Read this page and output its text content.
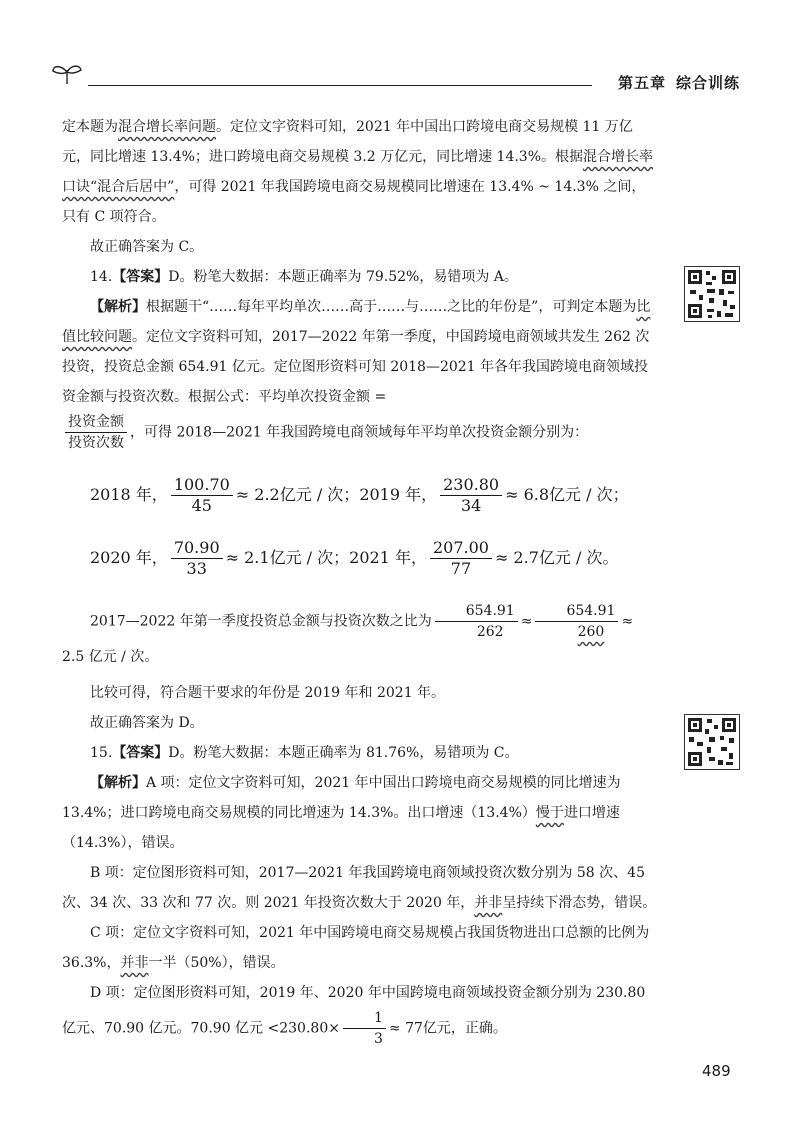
第五章 综合训练

定本题为混合增长率问题。定位文字资料可知，2021 年中国出口跨境电商交易规模 11 万亿元，同比增速 13.4%；进口跨境电商交易规模 3.2 万亿元，同比增速 14.3%。根据混合增长率口诀“混合后居中”，可得 2021 年我国跨境电商交易规模同比增速在 13.4% ~ 14.3% 之间，只有 C 项符合。

故正确答案为 C。

14.【答案】D。粉笔大数据：本题正确率为 79.52%，易错项为 A。

【解析】根据题干“……每年平均单次……高于……与……之比的年份是”，可判定本题为比值比较问题。定位文字资料可知，2017—2022 年第一季度，中国跨境电商领域共发生 262 次投资，投资总金额 654.91 亿元。定位图形资料可知 2018—2021 年各年我国跨境电商领域投资金额与投资次数。根据公式：平均单次投资金额 =

$\frac{\text{投资金额}}{\text{投资次数}}$ ，可得 2018—2021 年我国跨境电商领域每年平均单次投资金额分别为：

2018 年， $\frac{100.70}{45} \approx 2.2$亿元 / 次；2019 年， $\frac{230.80}{34} \approx 6.8$亿元 / 次；
2020 年， $\frac{70.90}{33} \approx 2.1$亿元 / 次；2021 年， $\frac{207.00}{77} \approx 2.7$亿元 / 次。

2017—2022 年第一季度投资总金额与投资次数之比为 $\frac{654.91}{262} \approx \frac{654.91}{260} \approx 2.5$ 亿元 / 次。

比较可得，符合题干要求的年份是 2019 年和 2021 年。

故正确答案为 D。

15.【答案】D。粉笔大数据：本题正确率为 81.76%，易错项为 C。

【解析】A 项：定位文字资料可知，2021 年中国出口跨境电商交易规模的同比增速为 13.4%；进口跨境电商交易规模的同比增速为 14.3%。出口增速（13.4%）慢于进口增速（14.3%），错误。

B 项：定位图形资料可知，2017—2021 年我国跨境电商领域投资次数分别为 58 次、45 次、34 次、33 次和 77 次。则 2021 年投资次数大于 2020 年，并非呈持续下滑态势，错误。

C 项：定位文字资料可知，2021 年中国跨境电商交易规模占我国货物进出口总额的比例为 36.3%，并非一半（50%），错误。

D 项：定位图形资料可知，2019 年、2020 年中国跨境电商领域投资金额分别为 230.80 亿元、70.90 亿元。70.90 亿元 $<230.80\times \frac{1}{3} \approx 77$亿元，正确。

489
